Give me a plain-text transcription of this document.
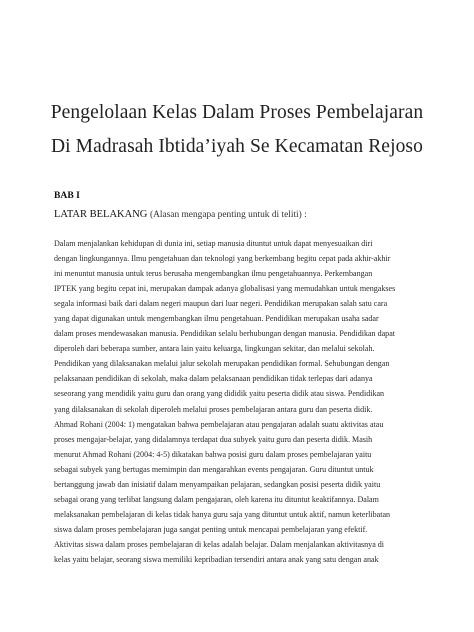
Pengelolaan Kelas Dalam Proses Pembelajaran
Di Madrasah Ibtida’iyah Se Kecamatan Rejoso
BAB I
LATAR BELAKANG (Alasan mengapa penting untuk di teliti) :
Dalam menjalankan kehidupan di dunia ini, setiap manusia dituntut untuk dapat menyesuaikan diri
dengan lingkungannya. Ilmu pengetahuan dan teknologi yang berkembang begitu cepat pada akhir-akhir
ini menuntut manusia untuk terus berusaha mengembangkan ilmu pengetahuannya. Perkembangan
IPTEK yang begitu cepat ini, merupakan dampak adanya globalisasi yang memudahkan untuk mengakses
segala informasi baik dari dalam negeri maupun dari luar negeri. Pendidikan merupakan salah satu cara
yang dapat digunakan untuk mengembangkan ilmu pengetahuan. Pendidikan merupakan usaha sadar
dalam proses mendewasakan manusia. Pendidikan selalu berhubungan dengan manusia. Pendidikan dapat
diperoleh dari beberapa sumber, antara lain yaitu keluarga, lingkungan sekitar, dan melalui sekolah.
Pendidikan yang dilaksanakan melalui jalur sekolah merupakan pendidikan formal. Sehubungan dengan
pelaksanaan pendidikan di sekolah, maka dalam pelaksanaan pendidikan tidak terlepas dari adanya
seseorang yang mendidik yaitu guru dan orang yang dididik yaitu peserta didik atau siswa. Pendidikan
yang dilaksanakan di sekolah diperoleh melalui proses pembelajaran antara guru dan peserta didik.
Ahmad Rohani (2004: 1) mengatakan bahwa pembelajaran atau pengajaran adalah suatu aktivitas atau
proses mengajar-belajar, yang didalamnya terdapat dua subyek yaitu guru dan peserta didik. Masih
menurut Ahmad Rohani (2004: 4-5) dikatakan bahwa posisi guru dalam proses pembelajaran yaitu
sebagai subyek yang bertugas memimpin dan mengarahkan events pengajaran. Guru dituntut untuk
bertanggung jawab dan inisiatif dalam menyampaikan pelajaran, sedangkan posisi peserta didik yaitu
sebagai orang yang terlibat langsung dalam pengajaran, oleh karena itu dituntut keaktifannya. Dalam
melaksanakan pembelajaran di kelas tidak hanya guru saja yang dituntut untuk aktif, namun keterlibatan
siswa dalam proses pembelajaran juga sangat penting untuk mencapai pembelajaran yang efektif.
Aktivitas siswa dalam proses pembelajaran di kelas adalah belajar. Dalam menjalankan aktivitasnya di
kelas yaitu belajar, seorang siswa memiliki kepribadian tersendiri antara anak yang satu dengan anak
